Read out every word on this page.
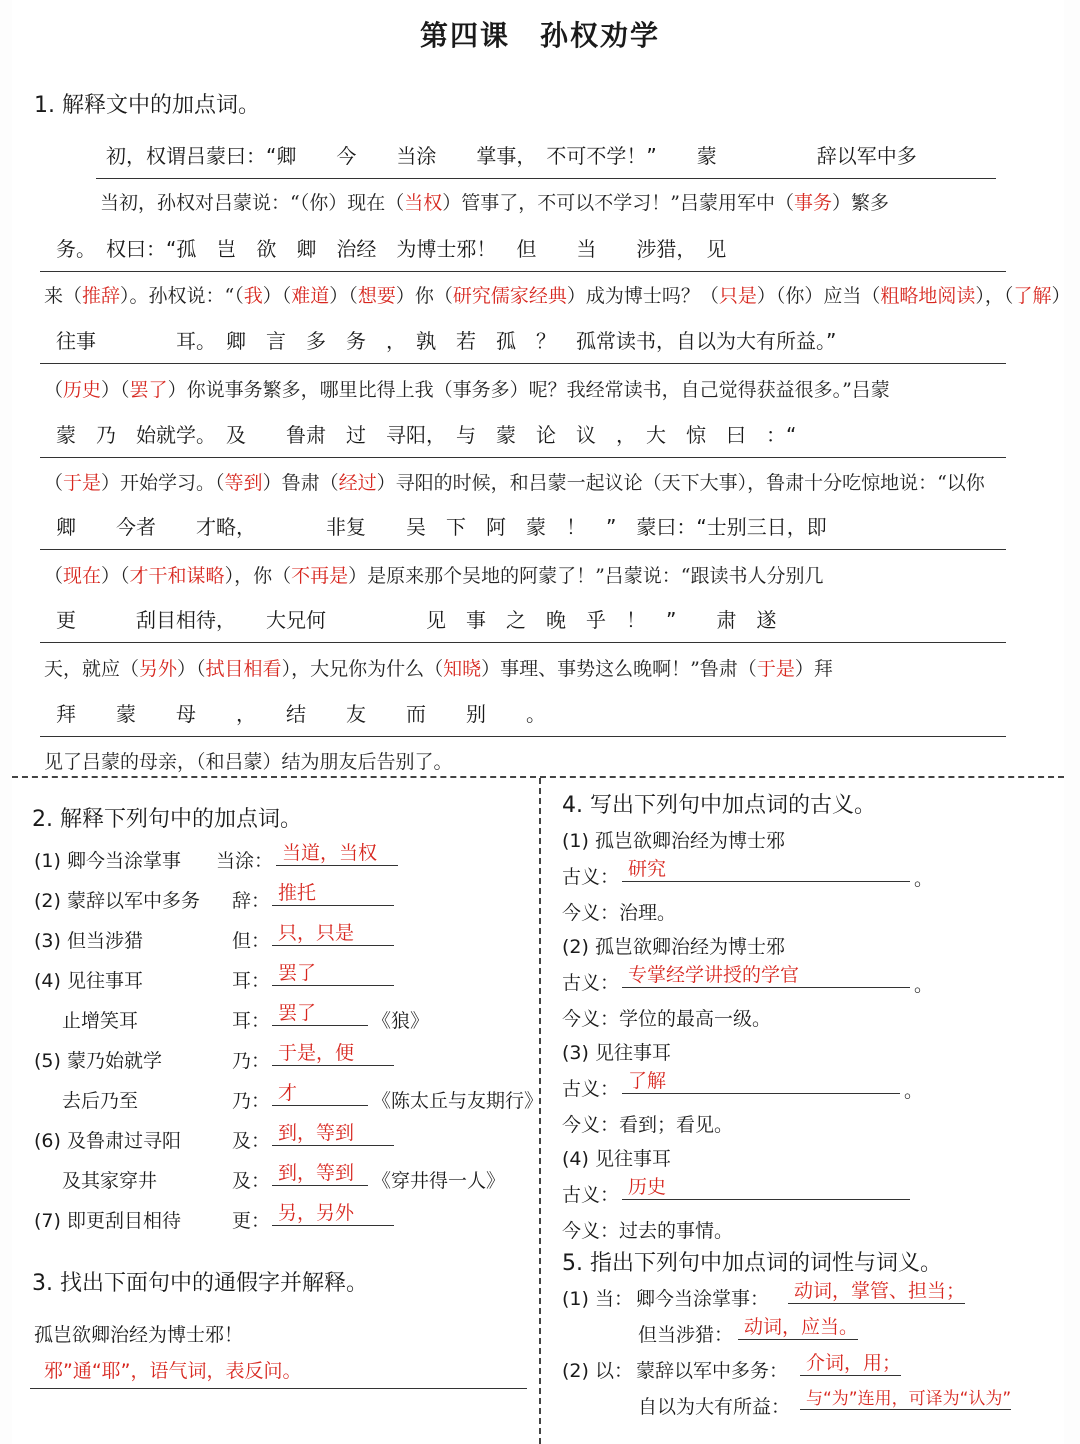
第四课　孙权劝学
1. 解释文中的加点词。
初，权谓吕蒙曰：“卿　　今　　当涂　　掌事，　不可不学！”　　蒙　　　　　辞以军中多
当初，孙权对吕蒙说：“（你）现在（当权）管事了，不可以不学习！”吕蒙用军中（事务）繁多
务。　权曰：“孤　岂　欲　卿　治经　为博士邪！　但　　当　　涉猎，　见
来（推辞）。孙权说：“（我）（难道）（想要）你（研究儒家经典）成为博士吗？（只是）（你）应当（粗略地阅读），（了解）
往事　　　　耳。　卿　言　多　务　，　孰　若　孤　？　孤常读书，自以为大有所益。”
（历史）（罢了）你说事务繁多，哪里比得上我（事务多）呢？我经常读书，自己觉得获益很多。”吕蒙
蒙　乃　始就学。　及　　鲁肃　过　寻阳，　与　蒙　论　议　，　大　惊　曰　：“
（于是）开始学习。（等到）鲁肃（经过）寻阳的时候，和吕蒙一起议论（天下大事），鲁肃十分吃惊地说：“以你
卿　　今者　　才略，　　　　非复　　吴　下　阿　蒙　！　”　蒙曰：“士别三日，即
（现在）（才干和谋略），你（不再是）是原来那个吴地的阿蒙了！”吕蒙说：“跟读书人分别几
更　　　刮目相待，　　大兄何　　　　　见　事　之　晚　乎　！　”　　肃　遂
天，就应（另外）（拭目相看），大兄你为什么（知晓）事理、事势这么晚啊！”鲁肃（于是）拜
拜　　蒙　　母　　，　　结　　友　　而　　别　　。
见了吕蒙的母亲，（和吕蒙）结为朋友后告别了。
2. 解释下列句中的加点词。
(1) 卿今当涂掌事 当涂： 当道，当权
(2) 蒙辞以军中多务 辞： 推托
(3) 但当涉猎	但： 只，只是
(4) 见往事耳	耳： 罢了
止增笑耳	耳： 罢了	《狼》
(5) 蒙乃始就学	乃： 于是，便
去后乃至	乃： 才	《陈太丘与友期行》
(6) 及鲁肃过寻阳	及： 到，等到
及其家穿井	及： 到，等到 《穿井得一人》
(7) 即更刮目相待	更： 另，另外
3. 找出下面句中的通假字并解释。
孤岂欲卿治经为博士邪！
邪”通“耶”，语气词，表反问。
4. 写出下列句中加点词的古义。
(1) 孤岂欲卿治经为博士邪
古义： 研究	。
今义：治理。
(2) 孤岂欲卿治经为博士邪
古义： 专掌经学讲授的学官	。
今义：学位的最高一级。
(3) 见往事耳
古义： 了解	。
今义：看到；看见。
(4) 见往事耳
古义： 历史
今义：过去的事情。
5. 指出下列句中加点词的词性与词义。
(1) 当： 卿今当涂掌事：	动词，掌管、担当；
但当涉猎： 动词，应当。
(2) 以： 蒙辞以军中多务： 介词，用；
自以为大有所益： 与“为”连用，可译为“认为”
